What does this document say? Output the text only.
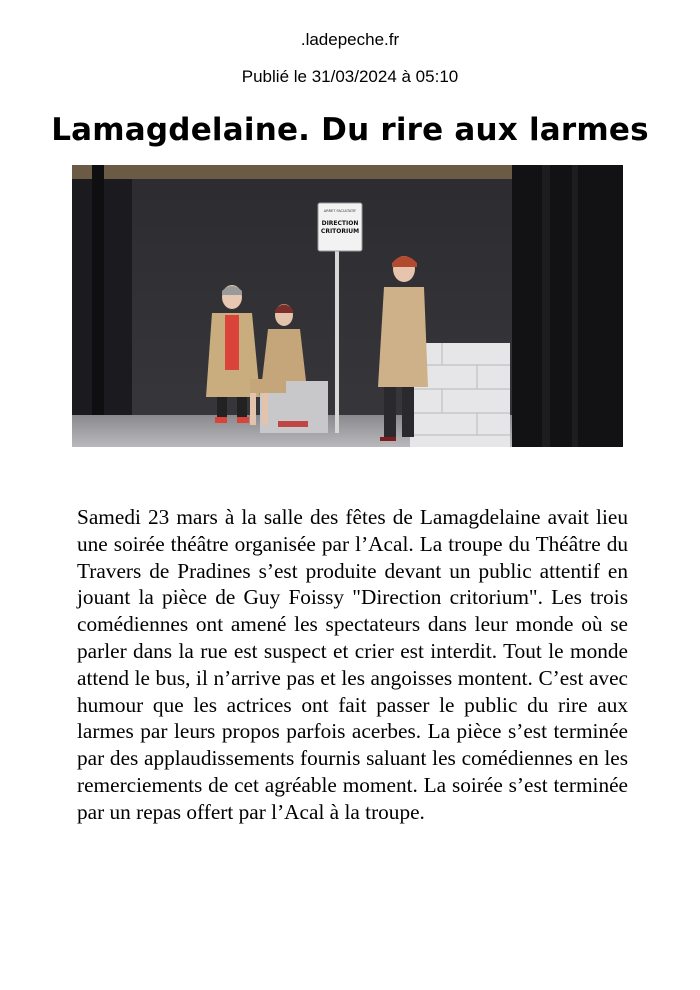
.ladepeche.fr
Publié le 31/03/2024 à 05:10
Lamagdelaine. Du rire aux larmes
ARRET FACULTATIF
DIRECTION
CRITORIUM

Samedi 23 mars à la salle des fêtes de Lamagdelaine avait lieu une soirée théâtre organisée par l’Acal. La troupe du Théâtre du Travers de Pradines s’est produite devant un public attentif en jouant la pièce de Guy Foissy "Direction critorium". Les trois comédiennes ont amené les spectateurs dans leur monde où se parler dans la rue est suspect et crier est interdit. Tout le monde attend le bus, il n’arrive pas et les angoisses montent. C’est avec humour que les actrices ont fait passer le public du rire aux larmes par leurs propos parfois acerbes. La pièce s’est terminée par des applaudissements fournis saluant les comédiennes en les remerciements de cet agréable moment. La soirée s’est terminée par un repas offert par l’Acal à la troupe.
